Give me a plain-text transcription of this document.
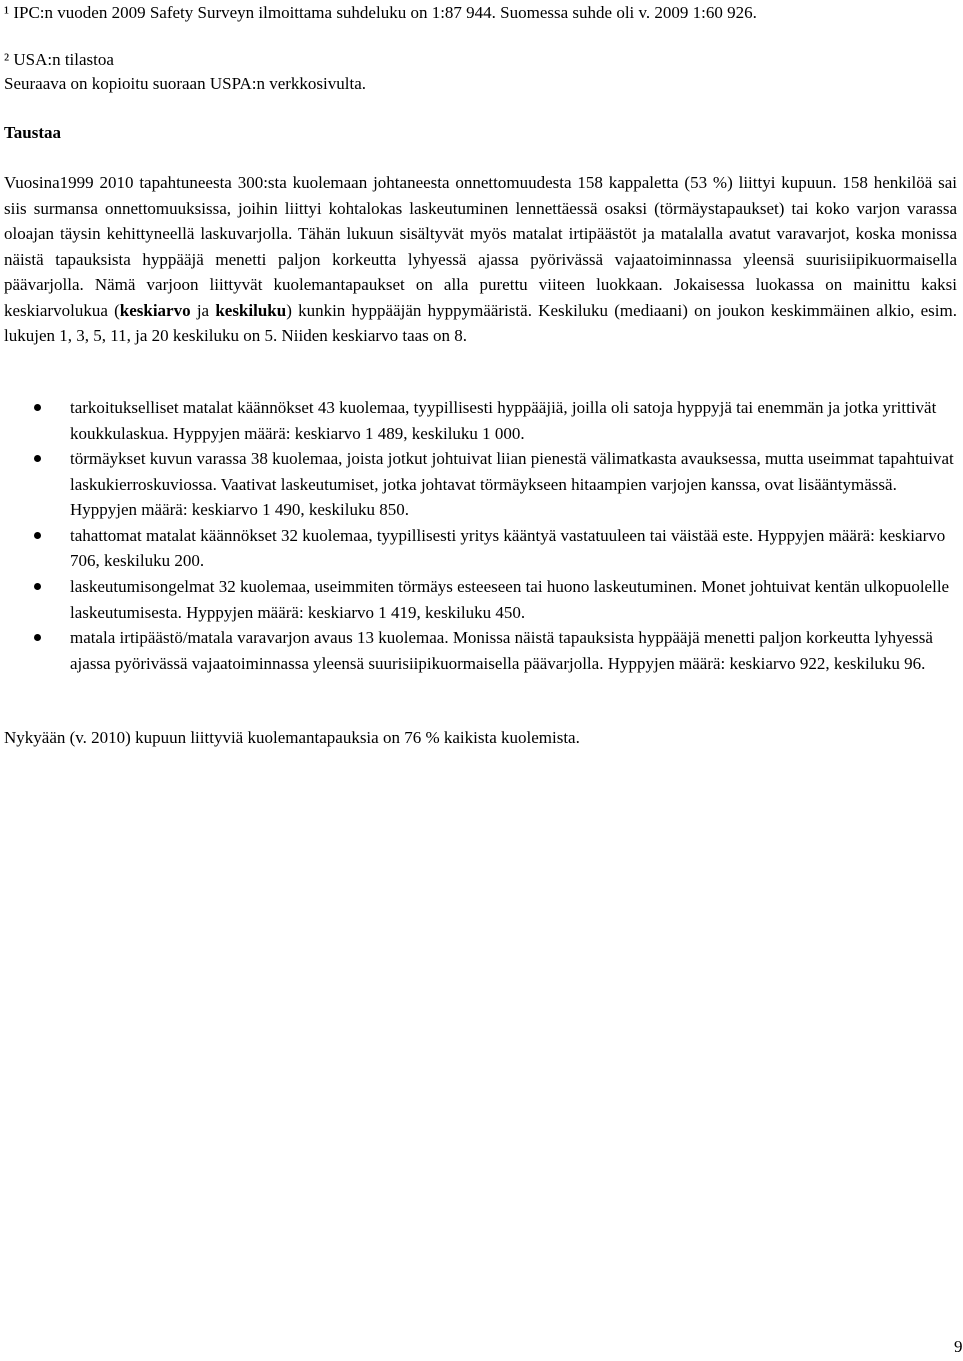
¹ IPC:n vuoden 2009 Safety Surveyn ilmoittama suhdeluku on 1:87 944. Suomessa suhde oli v. 2009 1:60 926.
² USA:n tilastoa
Seuraava on kopioitu suoraan USPA:n verkkosivulta.
Taustaa
Vuosina1999 2010 tapahtuneesta 300:sta kuolemaan johtaneesta onnettomuudesta 158 kappaletta (53 %) liittyi kupuun. 158 henkilöä sai siis surmansa onnettomuuksissa, joihin liittyi kohtalokas laskeutuminen lennettäessä osaksi (törmäystapaukset) tai koko varjon varassa oloajan täysin kehittyneellä laskuvarjolla. Tähän lukuun sisältyvät myös matalat irtipäästöt ja matalalla avatut varavarjot, koska monissa näistä tapauksista hyppääjä menetti paljon korkeutta lyhyessä ajassa pyörivässä vajaatoiminnassa yleensä suurisiipikuormaisella päävarjolla. Nämä varjoon liittyvät kuolemantapaukset on alla purettu viiteen luokkaan. Jokaisessa luokassa on mainittu kaksi keskiarvolukua (keskiarvo ja keskiluku) kunkin hyppääjän hyppymääristä. Keskiluku (mediaani) on joukon keskimmäinen alkio, esim. lukujen 1, 3, 5, 11, ja 20 keskiluku on 5. Niiden keskiarvo taas on 8.
tarkoitukselliset matalat käännökset 43 kuolemaa, tyypillisesti hyppääjiä, joilla oli satoja hyppyjä tai enemmän ja jotka yrittivät koukkulaskua. Hyppyjen määrä: keskiarvo 1 489, keskiluku 1 000.
törmäykset kuvun varassa 38 kuolemaa, joista jotkut johtuivat liian pienestä välimatkasta avauksessa, mutta useimmat tapahtuivat laskukierroskuviossa. Vaativat laskeutumiset, jotka johtavat törmäykseen hitaampien varjojen kanssa, ovat lisääntymässä. Hyppyjen määrä: keskiarvo 1 490, keskiluku 850.
tahattomat matalat käännökset 32 kuolemaa, tyypillisesti yritys kääntyä vastatuuleen tai väistää este. Hyppyjen määrä: keskiarvo 706, keskiluku 200.
laskeutumisongelmat 32 kuolemaa, useimmiten törmäys esteeseen tai huono laskeutuminen. Monet johtuivat kentän ulkopuolelle laskeutumisesta. Hyppyjen määrä: keskiarvo 1 419, keskiluku 450.
matala irtipäästö/matala varavarjon avaus 13 kuolemaa. Monissa näistä tapauksista hyppääjä menetti paljon korkeutta lyhyessä ajassa pyörivässä vajaatoiminnassa yleensä suurisiipikuormaisella päävarjolla. Hyppyjen määrä: keskiarvo 922, keskiluku 96.
Nykyään (v. 2010) kupuun liittyviä kuolemantapauksia on 76 % kaikista kuolemista.
9
